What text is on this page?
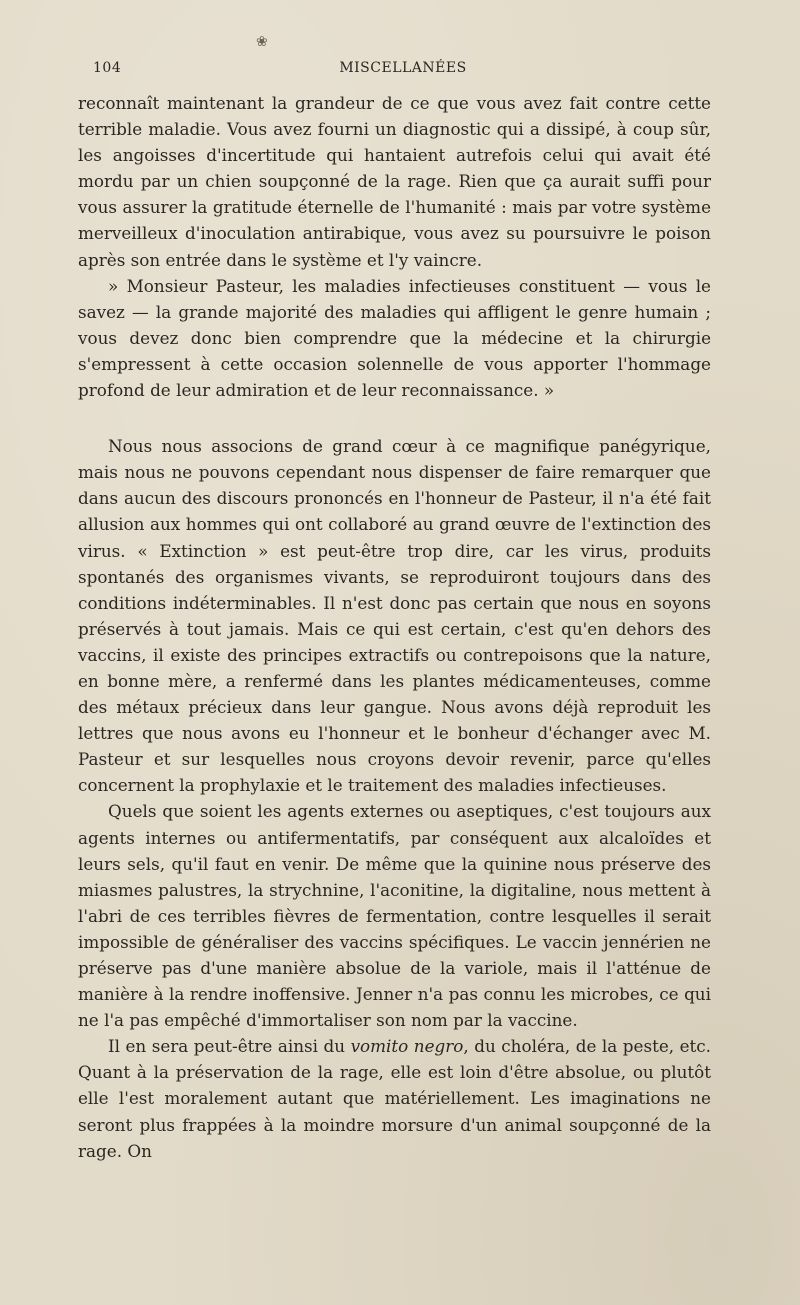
❀
104	MISCELLANÉES

reconnaît maintenant la grandeur de ce que vous avez fait contre cette terrible maladie. Vous avez fourni un diagnostic qui a dissipé, à coup sûr, les angoisses d'incertitude qui hantaient autrefois celui qui avait été mordu par un chien soupçonné de la rage. Rien que ça aurait suffi pour vous assurer la gratitude éternelle de l'humanité : mais par votre système merveilleux d'inoculation antirabique, vous avez su poursuivre le poison après son entrée dans le système et l'y vaincre.

» Monsieur Pasteur, les maladies infectieuses constituent — vous le savez — la grande majorité des maladies qui affligent le genre humain ; vous devez donc bien comprendre que la médecine et la chirurgie s'empressent à cette occasion solennelle de vous apporter l'hommage profond de leur admiration et de leur reconnaissance. »

Nous nous associons de grand cœur à ce magnifique panégyrique, mais nous ne pouvons cependant nous dispenser de faire remarquer que dans aucun des discours prononcés en l'honneur de Pasteur, il n'a été fait allusion aux hommes qui ont collaboré au grand œuvre de l'extinction des virus. « Extinction » est peut-être trop dire, car les virus, produits spontanés des organismes vivants, se reproduiront toujours dans des conditions indéterminables. Il n'est donc pas certain que nous en soyons préservés à tout jamais. Mais ce qui est certain, c'est qu'en dehors des vaccins, il existe des principes extractifs ou contrepoisons que la nature, en bonne mère, a renfermé dans les plantes médicamenteuses, comme des métaux précieux dans leur gangue. Nous avons déjà reproduit les lettres que nous avons eu l'honneur et le bonheur d'échanger avec M. Pasteur et sur lesquelles nous croyons devoir revenir, parce qu'elles concernent la prophylaxie et le traitement des maladies infectieuses.

Quels que soient les agents externes ou aseptiques, c'est toujours aux agents internes ou antifermentatifs, par conséquent aux alcaloïdes et leurs sels, qu'il faut en venir. De même que la quinine nous préserve des miasmes palustres, la strychnine, l'aconitine, la digitaline, nous mettent à l'abri de ces terribles fièvres de fermentation, contre lesquelles il serait impossible de généraliser des vaccins spécifiques. Le vaccin jennérien ne préserve pas d'une manière absolue de la variole, mais il l'atténue de manière à la rendre inoffensive. Jenner n'a pas connu les microbes, ce qui ne l'a pas empêché d'immortaliser son nom par la vaccine.

Il en sera peut-être ainsi du vomito negro, du choléra, de la peste, etc. Quant à la préservation de la rage, elle est loin d'être absolue, ou plutôt elle l'est moralement autant que matériellement. Les imaginations ne seront plus frappées à la moindre morsure d'un animal soupçonné de la rage. On
